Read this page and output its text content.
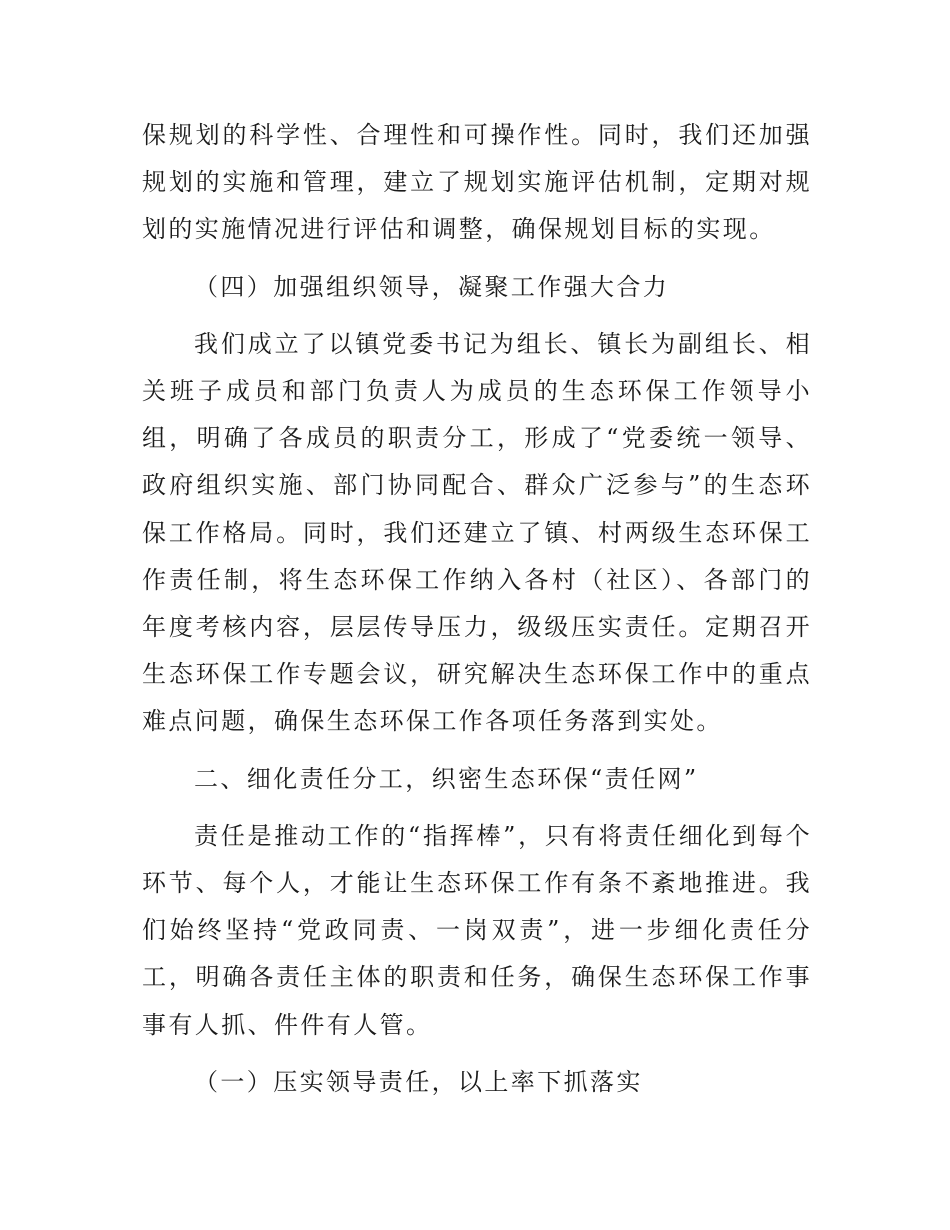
保规划的科学性、合理性和可操作性。同时，我们还加强规划的实施和管理，建立了规划实施评估机制，定期对规划的实施情况进行评估和调整，确保规划目标的实现。

（四）加强组织领导，凝聚工作强大合力

我们成立了以镇党委书记为组长、镇长为副组长、相关班子成员和部门负责人为成员的生态环保工作领导小组，明确了各成员的职责分工，形成了“党委统一领导、政府组织实施、部门协同配合、群众广泛参与”的生态环保工作格局。同时，我们还建立了镇、村两级生态环保工作责任制，将生态环保工作纳入各村（社区）、各部门的年度考核内容，层层传导压力，级级压实责任。定期召开生态环保工作专题会议，研究解决生态环保工作中的重点难点问题，确保生态环保工作各项任务落到实处。

二、细化责任分工，织密生态环保“责任网”

责任是推动工作的“指挥棒”，只有将责任细化到每个环节、每个人，才能让生态环保工作有条不紊地推进。我们始终坚持“党政同责、一岗双责”，进一步细化责任分工，明确各责任主体的职责和任务，确保生态环保工作事事有人抓、件件有人管。

（一）压实领导责任，以上率下抓落实
